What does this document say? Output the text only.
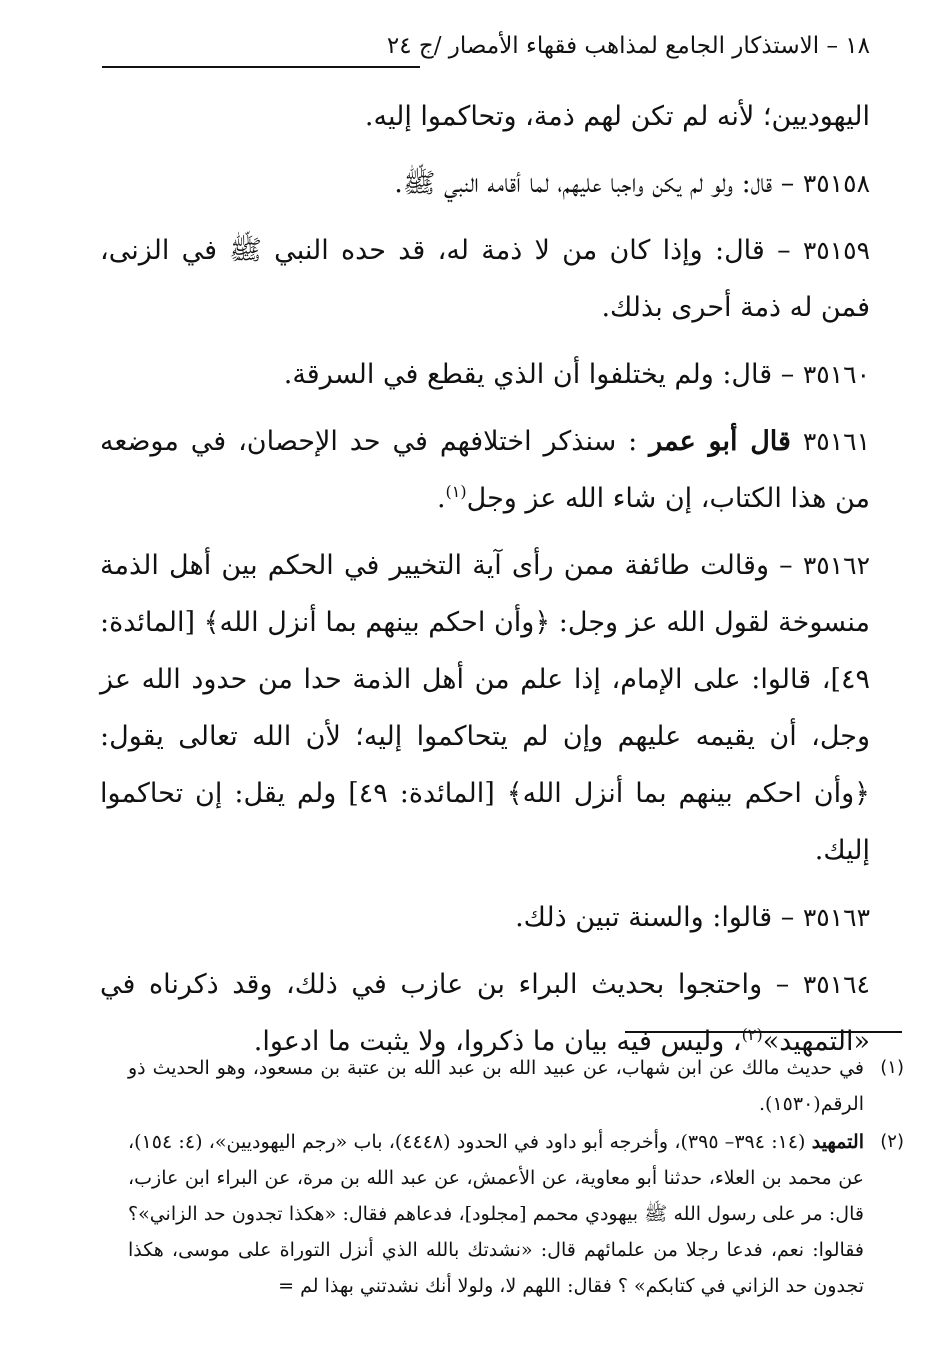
١٨ – الاستذكار الجامع لمذاهب فقهاء الأمصار /ج ٢٤

اليهوديين؛ لأنه لم تكن لهم ذمة، وتحاكموا إليه.

٣٥١٥٨ – قال: ولو لم يكن واجبا عليهم، لما أقامه النبي ﷺ.

٣٥١٥٩ – قال: وإذا كان من لا ذمة له، قد حده النبي ﷺ في الزنى، فمن له ذمة أحرى بذلك.

٣٥١٦٠ – قال: ولم يختلفوا أن الذي يقطع في السرقة.

٣٥١٦١ قال أبو عمر : سنذكر اختلافهم في حد الإحصان، في موضعه من هذا الكتاب، إن شاء الله عز وجل$^{(١)}$.

٣٥١٦٢ – وقالت طائفة ممن رأى آية التخيير في الحكم بين أهل الذمة منسوخة لقول الله عز وجل: ﴿وأن احكم بينهم بما أنزل الله﴾ [المائدة: ٤٩]، قالوا: على الإمام، إذا علم من أهل الذمة حدا من حدود الله عز وجل، أن يقيمه عليهم وإن لم يتحاكموا إليه؛ لأن الله تعالى يقول: ﴿وأن احكم بينهم بما أنزل الله﴾ [المائدة: ٤٩] ولم يقل: إن تحاكموا إليك.

٣٥١٦٣ – قالوا: والسنة تبين ذلك.

٣٥١٦٤ – واحتجوا بحديث البراء بن عازب في ذلك، وقد ذكرناه في «التمهيد»$^{(٢)}$، وليس فيه بيان ما ذكروا، ولا يثبت ما ادعوا.

(١)
في حديث مالك عن ابن شهاب، عن عبيد الله بن عبد الله بن عتبة بن مسعود، وهو الحديث ذو الرقم(١٥٣٠).

(٢)
التمهيد (١٤: ٣٩٤– ٣٩٥)، وأخرجه أبو داود في الحدود (٤٤٤٨)، باب «رجم اليهوديين»، (٤: ١٥٤)، عن محمد بن العلاء، حدثنا أبو معاوية، عن الأعمش، عن عبد الله بن مرة، عن البراء ابن عازب، قال: مر على رسول الله ﷺ بيهودي محمم [مجلود]، فدعاهم فقال: «هكذا تجدون حد الزاني»؟ فقالوا: نعم، فدعا رجلا من علمائهم قال: «نشدتك بالله الذي أنزل التوراة على موسى، هكذا تجدون حد الزاني في كتابكم» ؟ فقال: اللهم لا، ولولا أنك نشدتني بهذا لم =
